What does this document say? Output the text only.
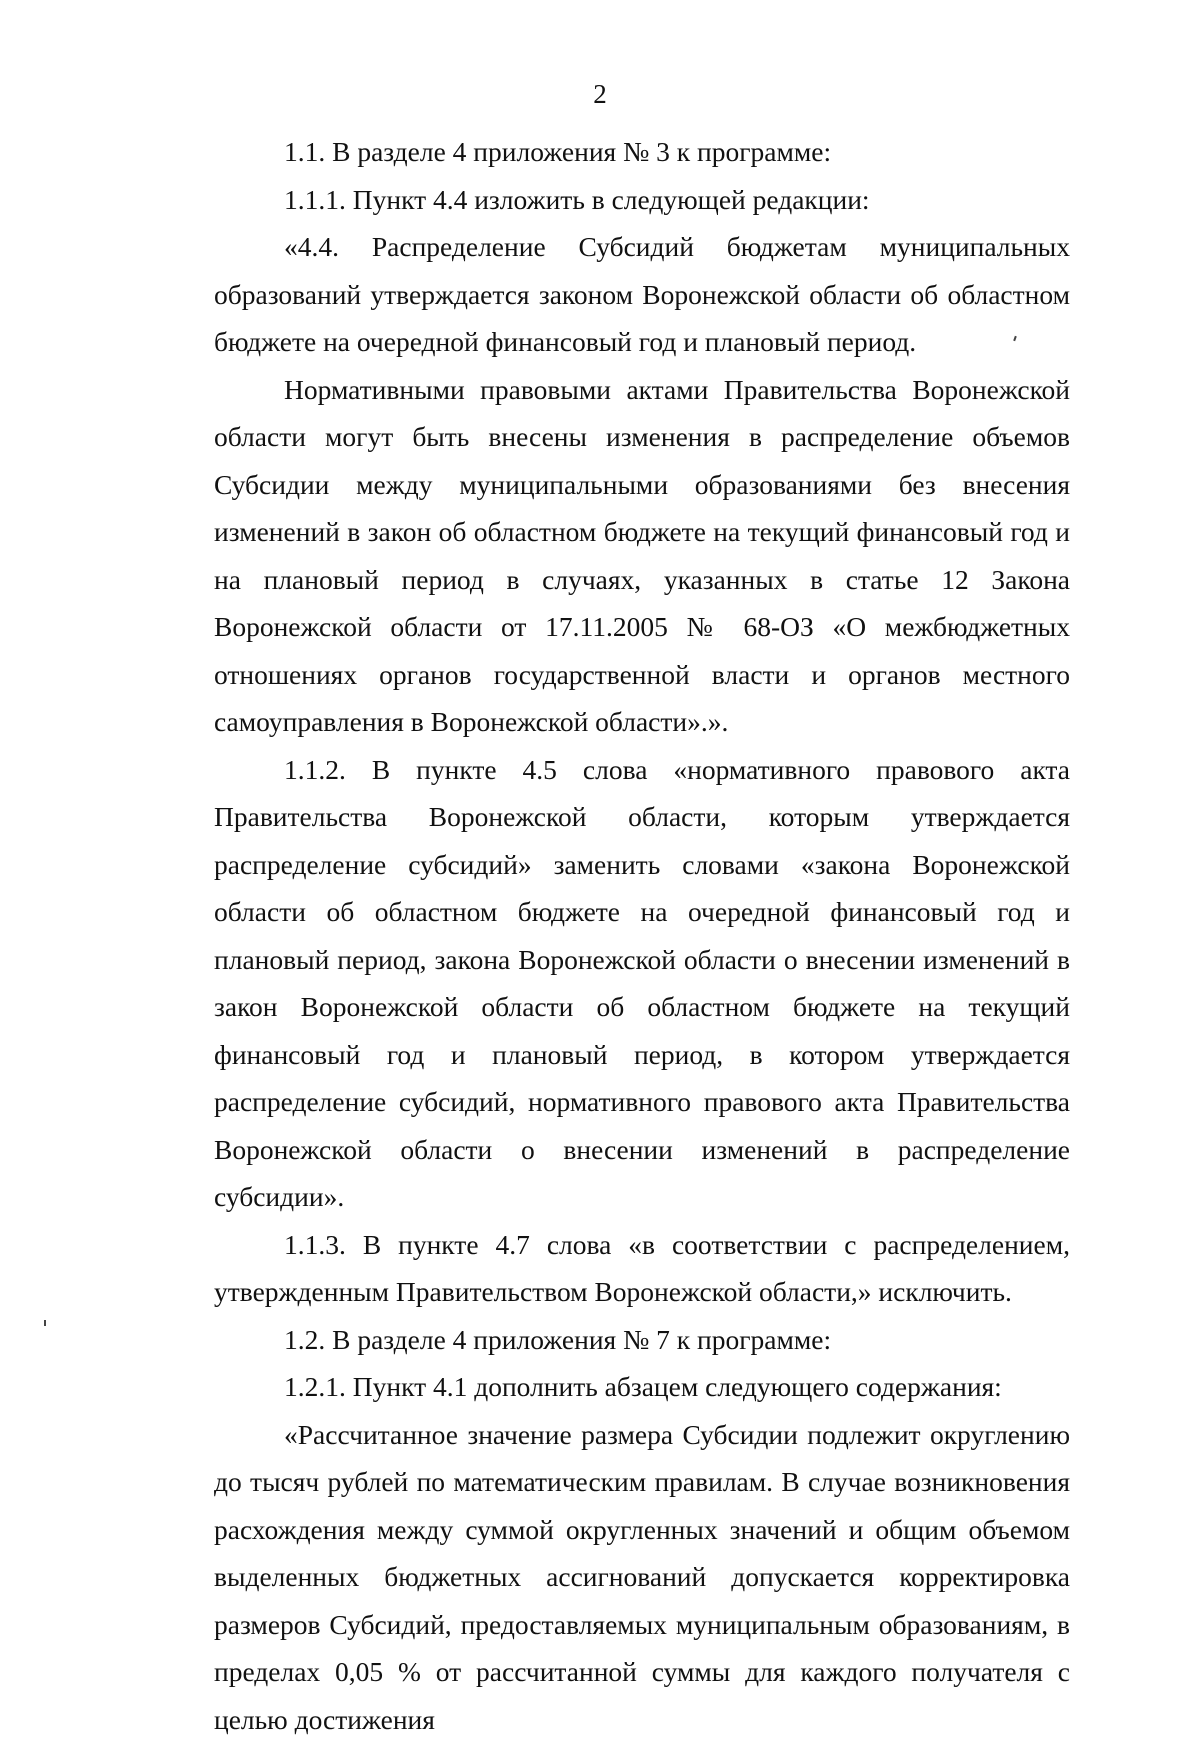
2

1.1. В разделе 4 приложения № 3 к программе:

1.1.1. Пункт 4.4 изложить в следующей редакции:

«4.4. Распределение Субсидий бюджетам муниципальных образований утверждается законом Воронежской области об областном бюджете на очередной финансовый год и плановый период.

Нормативными правовыми актами Правительства Воронежской области могут быть внесены изменения в распределение объемов Субсидии между муниципальными образованиями без внесения изменений в закон об областном бюджете на текущий финансовый год и на плановый период в случаях, указанных в статье 12 Закона Воронежской области от 17.11.2005 № 68-ОЗ «О межбюджетных отношениях органов государственной власти и органов местного самоуправления в Воронежской области».».

1.1.2. В пункте 4.5 слова «нормативного правового акта Правительства Воронежской области, которым утверждается распределение субсидий» заменить словами «закона Воронежской области об областном бюджете на очередной финансовый год и плановый период, закона Воронежской области о внесении изменений в закон Воронежской области об областном бюджете на текущий финансовый год и плановый период, в котором утверждается распределение субсидий, нормативного правового акта Правительства Воронежской области о внесении изменений в распределение субсидии».

1.1.3. В пункте 4.7 слова «в соответствии с распределением, утвержденным Правительством Воронежской области,» исключить.

1.2. В разделе 4 приложения № 7 к программе:

1.2.1. Пункт 4.1 дополнить абзацем следующего содержания:

«Рассчитанное значение размера Субсидии подлежит округлению до тысяч рублей по математическим правилам. В случае возникновения расхождения между суммой округленных значений и общим объемом выделенных бюджетных ассигнований допускается корректировка размеров Субсидий, предоставляемых муниципальным образованиям, в пределах 0,05 % от рассчитанной суммы для каждого получателя с целью достижения
